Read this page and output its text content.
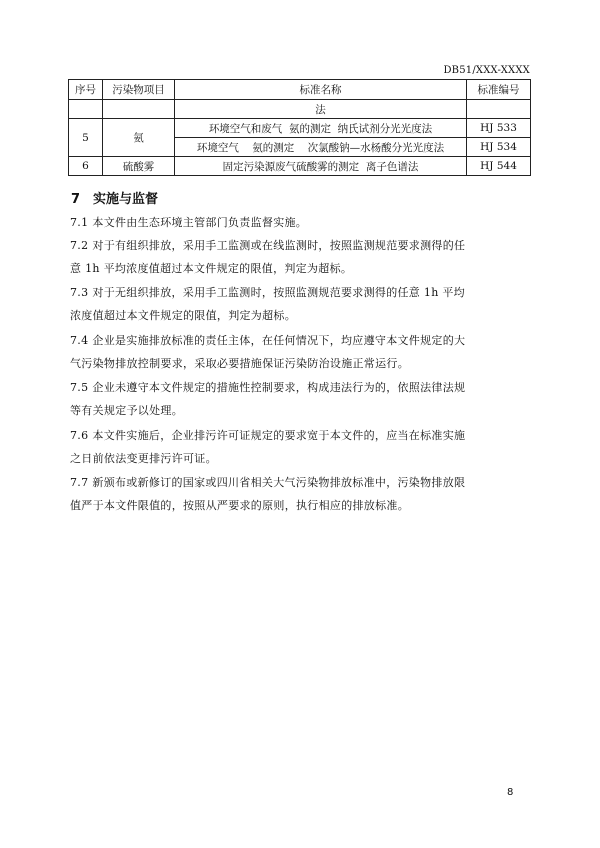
DB51/XXX-XXXX
序号	污染物项目	标准名称	标准编号
		法	
5	氨	环境空气和废气  氨的测定  纳氏试剂分光光度法	HJ 533
		环境空气    氨的测定    次氯酸钠—水杨酸分光光度法	HJ 534
6	硫酸雾	固定污染源废气硫酸雾的测定  离子色谱法	HJ 544
7 实施与监督
7.1 本文件由生态环境主管部门负责监督实施。
7.2 对于有组织排放，采用手工监测或在线监测时，按照监测规范要求测得的任
意 1h 平均浓度值超过本文件规定的限值，判定为超标。
7.3 对于无组织排放，采用手工监测时，按照监测规范要求测得的任意 1h 平均
浓度值超过本文件规定的限值，判定为超标。
7.4 企业是实施排放标准的责任主体，在任何情况下，均应遵守本文件规定的大
气污染物排放控制要求，采取必要措施保证污染防治设施正常运行。
7.5 企业未遵守本文件规定的措施性控制要求，构成违法行为的，依照法律法规
等有关规定予以处理。
7.6 本文件实施后，企业排污许可证规定的要求宽于本文件的，应当在标准实施
之日前依法变更排污许可证。
7.7 新颁布或新修订的国家或四川省相关大气污染物排放标准中，污染物排放限
值严于本文件限值的，按照从严要求的原则，执行相应的排放标准。
8
